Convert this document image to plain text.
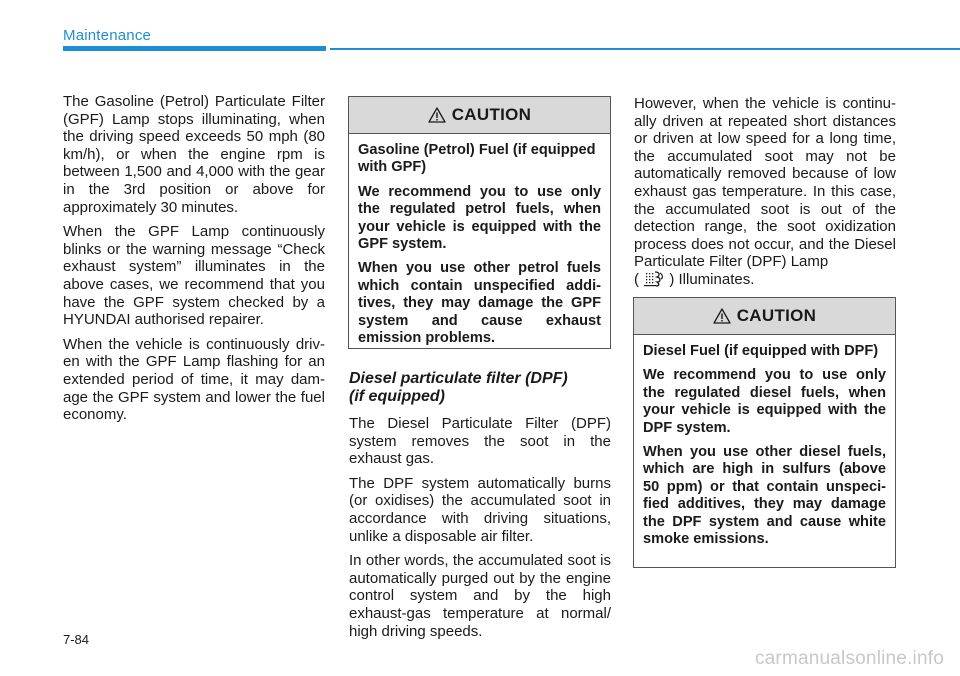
Maintenance

The Gasoline (Petrol) Particulate Filter (GPF) Lamp stops illuminating, when the driving speed exceeds 50 mph (80 km/h), or when the engine rpm is between 1,500 and 4,000 with the gear in the 3rd position or above for approximately 30 minutes.

When the GPF Lamp continuously blinks or the warning message “Check exhaust system” illuminates in the above cases, we recommend that you have the GPF system checked by a HYUNDAI authorised repairer.

When the vehicle is continuously driv-en with the GPF Lamp flashing for an extended period of time, it may dam-age the GPF system and lower the fuel economy.

CAUTION

Gasoline (Petrol) Fuel (if equipped with GPF)

We recommend you to use only the regulated petrol fuels, when your vehicle is equipped with the GPF system.

When you use other petrol fuels which contain unspecified addi-tives, they may damage the GPF system and cause exhaust emission problems.

Diesel particulate filter (DPF)
(if equipped)

The Diesel Particulate Filter (DPF) system removes the soot in the exhaust gas.

The DPF system automatically burns (or oxidises) the accumulated soot in accordance with driving situations, unlike a disposable air filter.

In other words, the accumulated soot is automatically purged out by the engine control system and by the high exhaust-gas temperature at normal/ high driving speeds.

However, when the vehicle is continu-ally driven at repeated short distances or driven at low speed for a long time, the accumulated soot may not be automatically removed because of low exhaust gas temperature. In this case, the accumulated soot is out of the detection range, the soot oxidization process does not occur, and the Diesel Particulate Filter (DPF) Lamp

( ) Illuminates.

CAUTION

Diesel Fuel (if equipped with DPF)

We recommend you to use only the regulated diesel fuels, when your vehicle is equipped with the DPF system.

When you use other diesel fuels, which are high in sulfurs (above 50 ppm) or that contain unspeci-fied additives, they may damage the DPF system and cause white smoke emissions.

7-84
carmanualsonline.info
